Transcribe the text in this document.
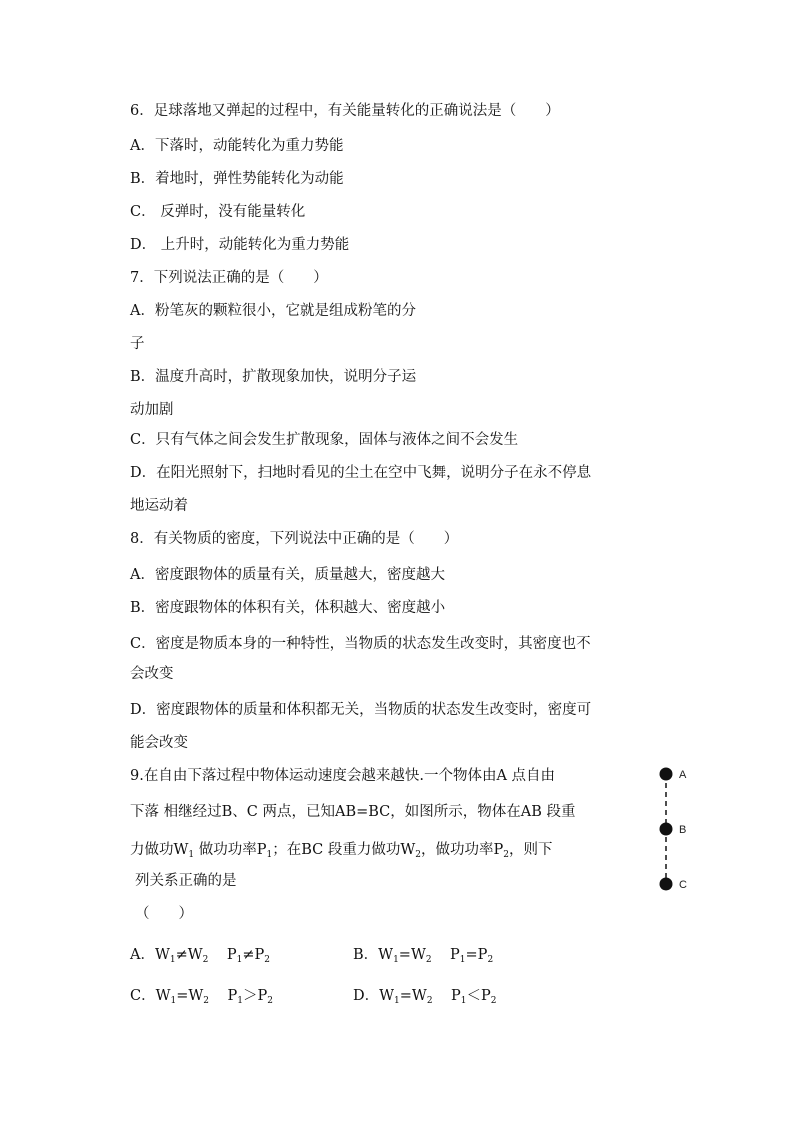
6．足球落地又弹起的过程中，有关能量转化的正确说法是（　　）
A．下落时，动能转化为重力势能
B．着地时，弹性势能转化为动能
C． 反弹时，没有能量转化
D． 上升时，动能转化为重力势能
7．下列说法正确的是（　　）
A．粉笔灰的颗粒很小，它就是组成粉笔的分
子
B．温度升高时，扩散现象加快，说明分子运
动加剧
C．只有气体之间会发生扩散现象，固体与液体之间不会发生
D．在阳光照射下，扫地时看见的尘土在空中飞舞，说明分子在永不停息
地运动着
8．有关物质的密度，下列说法中正确的是（　　）
A．密度跟物体的质量有关，质量越大，密度越大
B．密度跟物体的体积有关，体积越大、密度越小
C．密度是物质本身的一种特性，当物质的状态发生改变时，其密度也不
会改变
D．密度跟物体的质量和体积都无关，当物质的状态发生改变时，密度可
能会改变
9.在自由下落过程中物体运动速度会越来越快.一个物体由A 点自由
下落 相继经过B、C 两点，已知AB=BC，如图所示，物体在AB 段重
力做功$W_1$ 做功功率$P_1$；在BC 段重力做功$W_2$，做功功率$P_2$，则下
列关系正确的是
（　　）
A．$W_1\ne W_2$ $P_1\ne P_2$	B．$W_1=W_2$ $P_1=P_2$
C．$W_1=W_2$ $P_1>P_2$	D．$W_1=W_2$ $P_1<P_2$
A
B
C
